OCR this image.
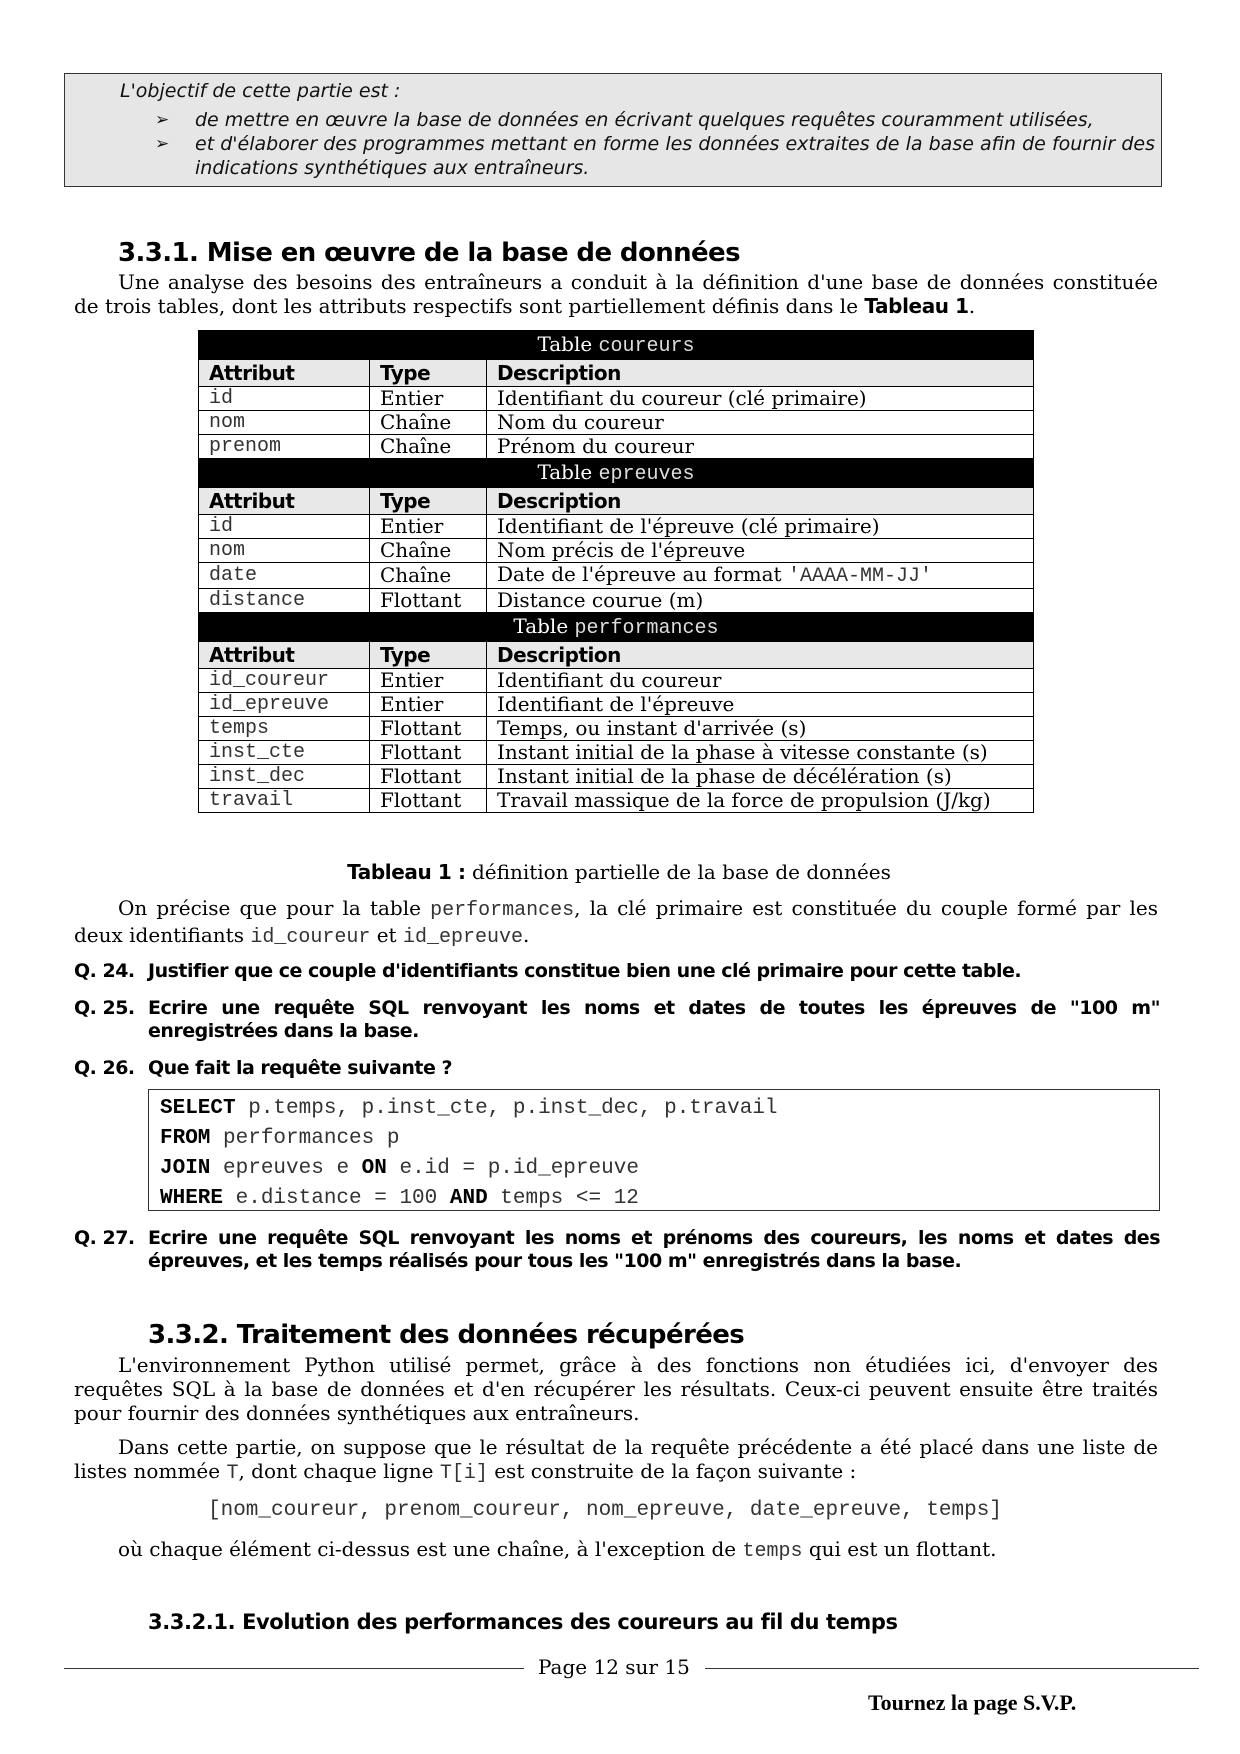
L'objectif de cette partie est :
➢ de mettre en œuvre la base de données en écrivant quelques requêtes couramment utilisées,
➢ et d'élaborer des programmes mettant en forme les données extraites de la base afin de fournir des indications synthétiques aux entraîneurs.
3.3.1. Mise en œuvre de la base de données
Une analyse des besoins des entraîneurs a conduit à la définition d'une base de données constituée de trois tables, dont les attributs respectifs sont partiellement définis dans le Tableau 1.
Table coureurs		
Attribut	Type	Description
id	Entier	Identifiant du coureur (clé primaire)
nom	Chaîne	Nom du coureur
prenom	Chaîne	Prénom du coureur
Table epreuves		
Attribut	Type	Description
id	Entier	Identifiant de l'épreuve (clé primaire)
nom	Chaîne	Nom précis de l'épreuve
date	Chaîne	Date de l'épreuve au format 'AAAA-MM-JJ'
distance	Flottant	Distance courue (m)
Table performances		
Attribut	Type	Description
id_coureur	Entier	Identifiant du coureur
id_epreuve	Entier	Identifiant de l'épreuve
temps	Flottant	Temps, ou instant d'arrivée (s)
inst_cte	Flottant	Instant initial de la phase à vitesse constante (s)
inst_dec	Flottant	Instant initial de la phase de décélération (s)
travail	Flottant	Travail massique de la force de propulsion (J/kg)
Tableau 1 : définition partielle de la base de données
On précise que pour la table performances, la clé primaire est constituée du couple formé par les deux identifiants id_coureur et id_epreuve.
Q. 24. Justifier que ce couple d'identifiants constitue bien une clé primaire pour cette table.
Q. 25. Ecrire une requête SQL renvoyant les noms et dates de toutes les épreuves de "100 m" enregistrées dans la base.
Q. 26. Que fait la requête suivante ?
SELECT p.temps, p.inst_cte, p.inst_dec, p.travail
FROM performances p
JOIN epreuves e ON e.id = p.id_epreuve
WHERE e.distance = 100 AND temps <= 12
Q. 27. Ecrire une requête SQL renvoyant les noms et prénoms des coureurs, les noms et dates des épreuves, et les temps réalisés pour tous les "100 m" enregistrés dans la base.
3.3.2. Traitement des données récupérées
L'environnement Python utilisé permet, grâce à des fonctions non étudiées ici, d'envoyer des requêtes SQL à la base de données et d'en récupérer les résultats. Ceux-ci peuvent ensuite être traités pour fournir des données synthétiques aux entraîneurs.
Dans cette partie, on suppose que le résultat de la requête précédente a été placé dans une liste de listes nommée T, dont chaque ligne T[i] est construite de la façon suivante :
[nom_coureur, prenom_coureur, nom_epreuve, date_epreuve, temps]
où chaque élément ci-dessus est une chaîne, à l'exception de temps qui est un flottant.
3.3.2.1. Evolution des performances des coureurs au fil du temps
Page 12 sur 15
Tournez la page S.V.P.
